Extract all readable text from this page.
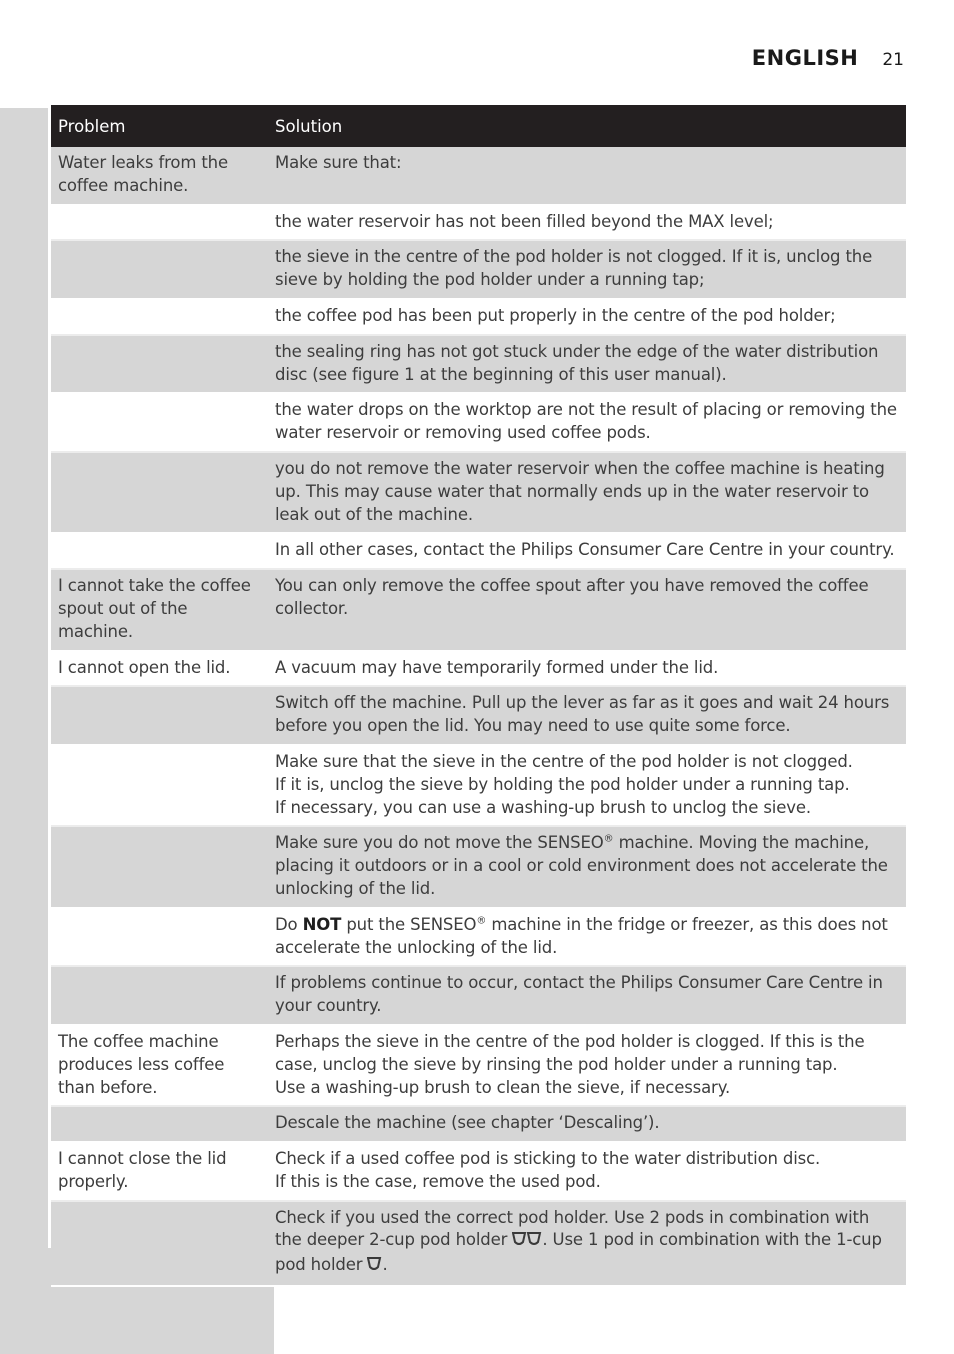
ENGLISH 21
Problem	Solution
Water leaks from the coffee machine.	Make sure that:

	the water reservoir has not been filled beyond the MAX level;

	the sieve in the centre of the pod holder is not clogged. If it is, unclog the sieve by holding the pod holder under a running tap;

	the coffee pod has been put properly in the centre of the pod holder;

	the sealing ring has not got stuck under the edge of the water distribution disc (see figure 1 at the beginning of this user manual).

	the water drops on the worktop are not the result of placing or removing the water reservoir or removing used coffee pods.

	you do not remove the water reservoir when the coffee machine is heating up. This may cause water that normally ends up in the water reservoir to leak out of the machine.

	In all other cases, contact the Philips Consumer Care Centre in your country.

I cannot take the coffee spout out of the machine.	You can only remove the coffee spout after you have removed the coffee collector.

I cannot open the lid.	A vacuum may have temporarily formed under the lid.

	Switch off the machine. Pull up the lever as far as it goes and wait 24 hours before you open the lid. You may need to use quite some force.

	Make sure that the sieve in the centre of the pod holder is not clogged.
If it is, unclog the sieve by holding the pod holder under a running tap.
If necessary, you can use a washing-up brush to unclog the sieve.

	Make sure you do not move the SENSEO® machine. Moving the machine, placing it outdoors or in a cool or cold environment does not accelerate the unlocking of the lid.
	Do NOT put the SENSEO® machine in the fridge or freezer, as this does not accelerate the unlocking of the lid.

	If problems continue to occur, contact the Philips Consumer Care Centre in your country.

The coffee machine produces less coffee than before.	Perhaps the sieve in the centre of the pod holder is clogged. If this is the case, unclog the sieve by rinsing the pod holder under a running tap.
Use a washing-up brush to clean the sieve, if necessary.

	Descale the machine (see chapter ‘Descaling’).

I cannot close the lid properly.	Check if a used coffee pod is sticking to the water distribution disc.
If this is the case, remove the used pod.

	Check if you used the correct pod holder. Use 2 pods in combination with the deeper 2-cup pod holder . Use 1 pod in combination with the 1-cup pod holder .
